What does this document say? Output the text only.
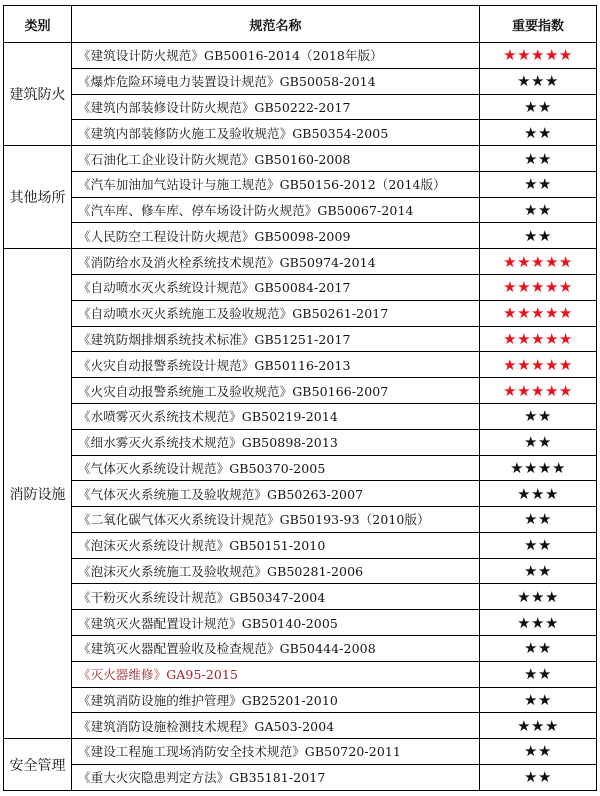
类别	规范名称	重要指数
建筑防火	《建筑设计防火规范》GB50016-2014（2018年版）	★★★★★
	《爆炸危险环境电力装置设计规范》GB50058-2014	★★★
	《建筑内部装修设计防火规范》GB50222-2017	★★
	《建筑内部装修防火施工及验收规范》GB50354-2005	★★
其他场所	《石油化工企业设计防火规范》GB50160-2008	★★
	《汽车加油加气站设计与施工规范》GB50156-2012（2014版）	★★
	《汽车库、修车库、停车场设计防火规范》GB50067-2014	★★
	《人民防空工程设计防火规范》GB50098-2009	★★
消防设施	《消防给水及消火栓系统技术规范》GB50974-2014	★★★★★
	《自动喷水灭火系统设计规范》GB50084-2017	★★★★★
	《自动喷水灭火系统施工及验收规范》GB50261-2017	★★★★★
	《建筑防烟排烟系统技术标准》GB51251-2017	★★★★★
	《火灾自动报警系统设计规范》GB50116-2013	★★★★★
	《火灾自动报警系统施工及验收规范》GB50166-2007	★★★★★
	《水喷雾灭火系统技术规范》GB50219-2014	★★
	《细水雾灭火系统技术规范》GB50898-2013	★★
	《气体灭火系统设计规范》GB50370-2005	★★★★
	《气体灭火系统施工及验收规范》GB50263-2007	★★★
	《二氧化碳气体灭火系统设计规范》GB50193-93（2010版）	★★
	《泡沫灭火系统设计规范》GB50151-2010	★★
	《泡沫灭火系统施工及验收规范》GB50281-2006	★★
	《干粉灭火系统设计规范》GB50347-2004	★★★
	《建筑灭火器配置设计规范》GB50140-2005	★★★
	《建筑灭火器配置验收及检查规范》GB50444-2008	★★
	《灭火器维修》GA95-2015	★★
	《建筑消防设施的维护管理》GB25201-2010	★★
	《建筑消防设施检测技术规程》GA503-2004	★★★
安全管理	《建设工程施工现场消防安全技术规范》GB50720-2011	★★
	《重大火灾隐患判定方法》GB35181-2017	★★
